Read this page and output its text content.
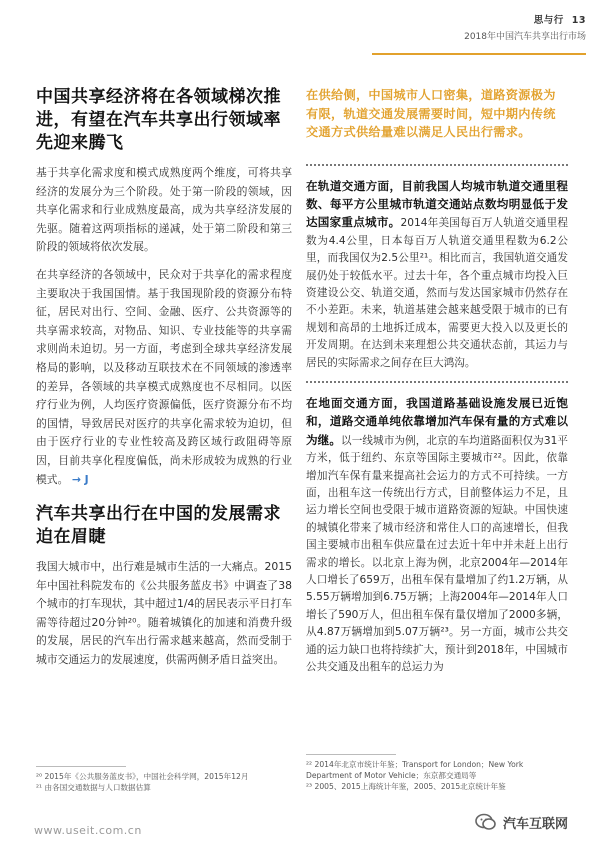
思与行 13
2018年中国汽车共享出行市场
中国共享经济将在各领域梯次推进，有望在汽车共享出行领域率先迎来腾飞

基于共享化需求度和模式成熟度两个维度，可将共享经济的发展分为三个阶段。处于第一阶段的领域，因共享化需求和行业成熟度最高，成为共享经济发展的先驱。随着这两项指标的递减，处于第二阶段和第三阶段的领域将依次发展。

在共享经济的各领域中，民众对于共享化的需求程度主要取决于我国国情。基于我国现阶段的资源分布特征，居民对出行、空间、金融、医疗、公共资源等的共享需求较高，对物品、知识、专业技能等的共享需求则尚未迫切。另一方面，考虑到全球共享经济发展格局的影响，以及移动互联技术在不同领域的渗透率的差异，各领域的共享模式成熟度也不尽相同。以医疗行业为例，人均医疗资源偏低，医疗资源分布不均的国情，导致居民对医疗的共享化需求较为迫切，但由于医疗行业的专业性较高及跨区域行政阻碍等原因，目前共享化程度偏低，尚未形成较为成熟的行业模式。 → J

汽车共享出行在中国的发展需求迫在眉睫

我国大城市中，出行难是城市生活的一大痛点。2015年中国社科院发布的《公共服务蓝皮书》中调查了38个城市的打车现状，其中超过1/4的居民表示平日打车需等待超过20分钟²⁰。随着城镇化的加速和消费升级的发展，居民的汽车出行需求越来越高，然而受制于城市交通运力的发展速度，供需两侧矛盾日益突出。

在供给侧，中国城市人口密集，道路资源极为有限，轨道交通发展需要时间，短中期内传统交通方式供给量难以满足人民出行需求。

在轨道交通方面，目前我国人均城市轨道交通里程数、每平方公里城市轨道交通站点数均明显低于发达国家重点城市。2014年美国每百万人轨道交通里程数为4.4公里，日本每百万人轨道交通里程数为6.2公里，而我国仅为2.5公里²¹。相比而言，我国轨道交通发展仍处于较低水平。过去十年，各个重点城市均投入巨资建设公交、轨道交通，然而与发达国家城市仍然存在不小差距。未来，轨道基建会越来越受限于城市的已有规划和高昂的土地拆迁成本，需要更大投入以及更长的开发周期。在达到未来理想公共交通状态前，其运力与居民的实际需求之间存在巨大鸿沟。

在地面交通方面，我国道路基础设施发展已近饱和，道路交通单纯依靠增加汽车保有量的方式难以为继。以一线城市为例，北京的车均道路面积仅为31平方米，低于纽约、东京等国际主要城市²²。因此，依靠增加汽车保有量来提高社会运力的方式不可持续。一方面，出租车这一传统出行方式，目前整体运力不足，且运力增长空间也受限于城市道路资源的短缺。中国快速的城镇化带来了城市经济和常住人口的高速增长，但我国主要城市出租车供应量在过去近十年中并未赶上出行需求的增长。以北京上海为例，北京2004年—2014年人口增长了659万，出租车保有量增加了约1.2万辆，从5.55万辆增加到6.75万辆；上海2004年—2014年人口增长了590万人，但出租车保有量仅增加了2000多辆，从4.87万辆增加到5.07万辆²³。另一方面，城市公共交通的运力缺口也将持续扩大，预计到2018年，中国城市公共交通及出租车的总运力为

²⁰ 2015年《公共服务蓝皮书》，中国社会科学网，2015年12月
²¹ 由各国交通数据与人口数据估算
²² 2014年北京市统计年鉴；Transport for London；New York Department of Motor Vehicle；东京都交通局等
²³ 2005、2015上海统计年鉴，2005、2015北京统计年鉴
www.useit.com.cn	汽车互联网
